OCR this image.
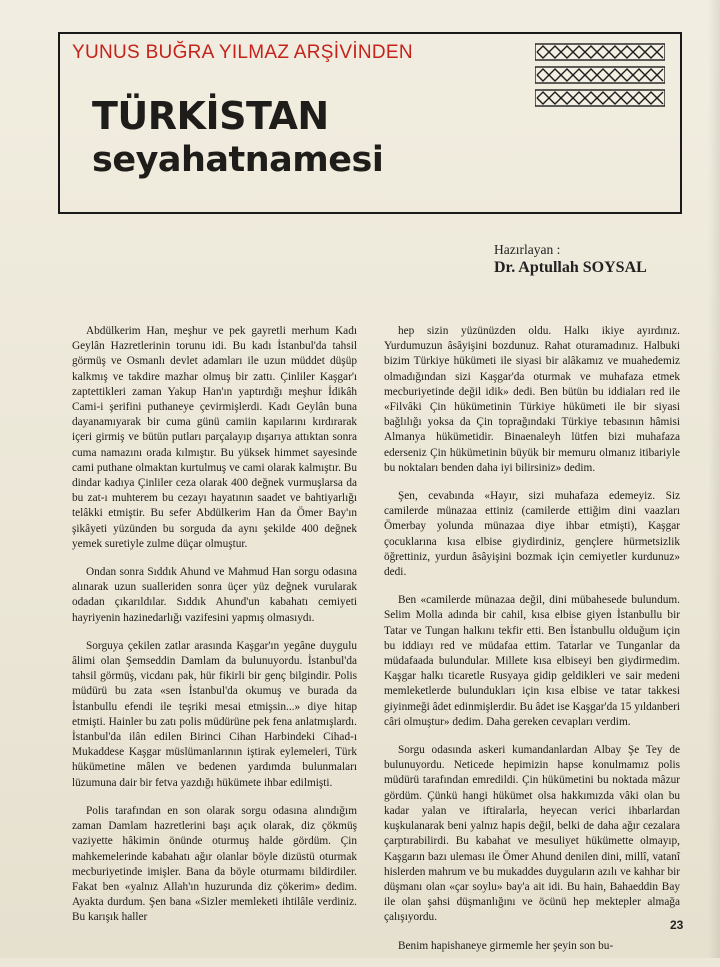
YUNUS BUĞRA YILMAZ ARŞİVİNDEN
TÜRKİSTAN
seyahatnamesi
Hazırlayan :
Dr. Aptullah SOYSAL

Abdülkerim Han, meşhur ve pek gayretli merhum Kadı Geylân Hazretlerinin torunu idi. Bu kadı İstanbul'da tahsil görmüş ve Osmanlı devlet adamları ile uzun müddet düşüp kalkmış ve takdire mazhar olmuş bir zattı. Çinliler Kaşgar'ı zaptettikleri zaman Yakup Han'ın yaptırdığı meşhur İdikâh Cami-i şerifini puthaneye çevirmişlerdi. Kadı Geylân buna dayanamıyarak bir cuma günü camiin kapılarını kırdırarak içeri girmiş ve bütün putları parçalayıp dışarıya attıktan sonra cuma namazını orada kılmıştır. Bu yüksek himmet sayesinde cami puthane olmaktan kurtulmuş ve cami olarak kalmıştır. Bu dindar kadıya Çinliler ceza olarak 400 değnek vurmuşlarsa da bu zat-ı muhterem bu cezayı hayatının saadet ve bahtiyarlığı telâkki etmiştir. Bu sefer Abdülkerim Han da Ömer Bay'ın şikâyeti yüzünden bu sorguda da aynı şekilde 400 değnek yemek suretiyle zulme düçar olmuştur.

Ondan sonra Sıddık Ahund ve Mahmud Han sorgu odasına alınarak uzun sualleriden sonra üçer yüz değnek vurularak odadan çıkarıldılar. Sıddık Ahund'un kabahatı cemiyeti hayriyenin hazinedarlığı vazifesini yapmış olmasıydı.

Sorguya çekilen zatlar arasında Kaşgar'ın yegâne duygulu âlimi olan Şemseddin Damlam da bulunuyordu. İstanbul'da tahsil görmüş, vicdanı pak, hür fikirli bir genç bilgindir. Polis müdürü bu zata «sen İstanbul'da okumuş ve burada da İstanbullu efendi ile teşriki mesai etmişsin...» diye hitap etmişti. Hainler bu zatı polis müdürüne pek fena anlatmışlardı. İstanbul'da ilân edilen Birinci Cihan Harbindeki Cihad-ı Mukaddese Kaşgar müslümanlarının iştirak eylemeleri, Türk hükümetine mâlen ve bedenen yardımda bulunmaları lüzumuna dair bir fetva yazdığı hükümete ihbar edilmişti.

Polis tarafından en son olarak sorgu odasına alındığım zaman Damlam hazretlerini başı açık olarak, diz çökmüş vaziyette hâkimin önünde oturmuş halde gördüm. Çin mahkemelerinde kabahatı ağır olanlar böyle dizüstü oturmak mecburiyetinde imişler. Bana da böyle oturmamı bildirdiler. Fakat ben «yalnız Allah'ın huzurunda diz çökerim» dedim. Ayakta durdum. Şen bana «Sizler memleketi ihtilâle verdiniz. Bu karışık haller

hep sizin yüzünüzden oldu. Halkı ikiye ayırdınız. Yurdumuzun âsâyişini bozdunuz. Rahat oturamadınız. Halbuki bizim Türkiye hükümeti ile siyasi bir alâkamız ve muahedemiz olmadığından sizi Kaşgar'da oturmak ve muhafaza etmek mecburiyetinde değil idik» dedi. Ben bütün bu iddiaları red ile «Filvâki Çin hükümetinin Türkiye hükümeti ile bir siyasi bağlılığı yoksa da Çin toprağındaki Türkiye tebasının hâmisi Almanya hükümetidir. Binaenaleyh lütfen bizi muhafaza ederseniz Çin hükümetinin büyük bir memuru olmanız itibariyle bu noktaları benden daha iyi bilirsiniz» dedim.

Şen, cevabında «Hayır, sizi muhafaza edemeyiz. Siz camilerde münazaa ettiniz (camilerde ettiğim dini vaazları Ömerbay yolunda münazaa diye ihbar etmişti), Kaşgar çocuklarına kısa elbise giydirdiniz, gençlere hürmetsizlik öğrettiniz, yurdun âsâyişini bozmak için cemiyetler kurdunuz» dedi.

Ben «camilerde münazaa değil, dini mübahesede bulundum. Selim Molla adında bir cahil, kısa elbise giyen İstanbullu bir Tatar ve Tungan halkını tekfir etti. Ben İstanbullu olduğum için bu iddiayı red ve müdafaa ettim. Tatarlar ve Tunganlar da müdafaada bulundular. Millete kısa elbiseyi ben giydirmedim. Kaşgar halkı ticaretle Rusyaya gidip geldikleri ve sair medeni memleketlerde bulundukları için kısa elbise ve tatar takkesi giyinmeği âdet edinmişlerdir. Bu âdet ise Kaşgar'da 15 yıldanberi câri olmuştur» dedim. Daha gereken cevapları verdim.

Sorgu odasında askeri kumandanlardan Albay Şe Tey de bulunuyordu. Neticede hepimizin hapse konulmamız polis müdürü tarafından emredildi. Çin hükümetini bu noktada mâzur gördüm. Çünkü hangi hükümet olsa hakkımızda vâki olan bu kadar yalan ve iftiralarla, heyecan verici ihbarlardan kuşkulanarak beni yalnız hapis değil, belki de daha ağır cezalara çarptırabilirdi. Bu kabahat ve mesuliyet hükümette olmayıp, Kaşgarın bazı uleması ile Ömer Ahund denilen dini, millî, vatanî hislerden mahrum ve bu mukaddes duyguların azılı ve kahhar bir düşmanı olan «çar soylu» bay'a ait idi. Bu hain, Bahaeddin Bay ile olan şahsi düşmanlığını ve öcünü hep mektepler almağa çalışıyordu.

Benim hapishaneye girmemle her şeyin son bu-

23
